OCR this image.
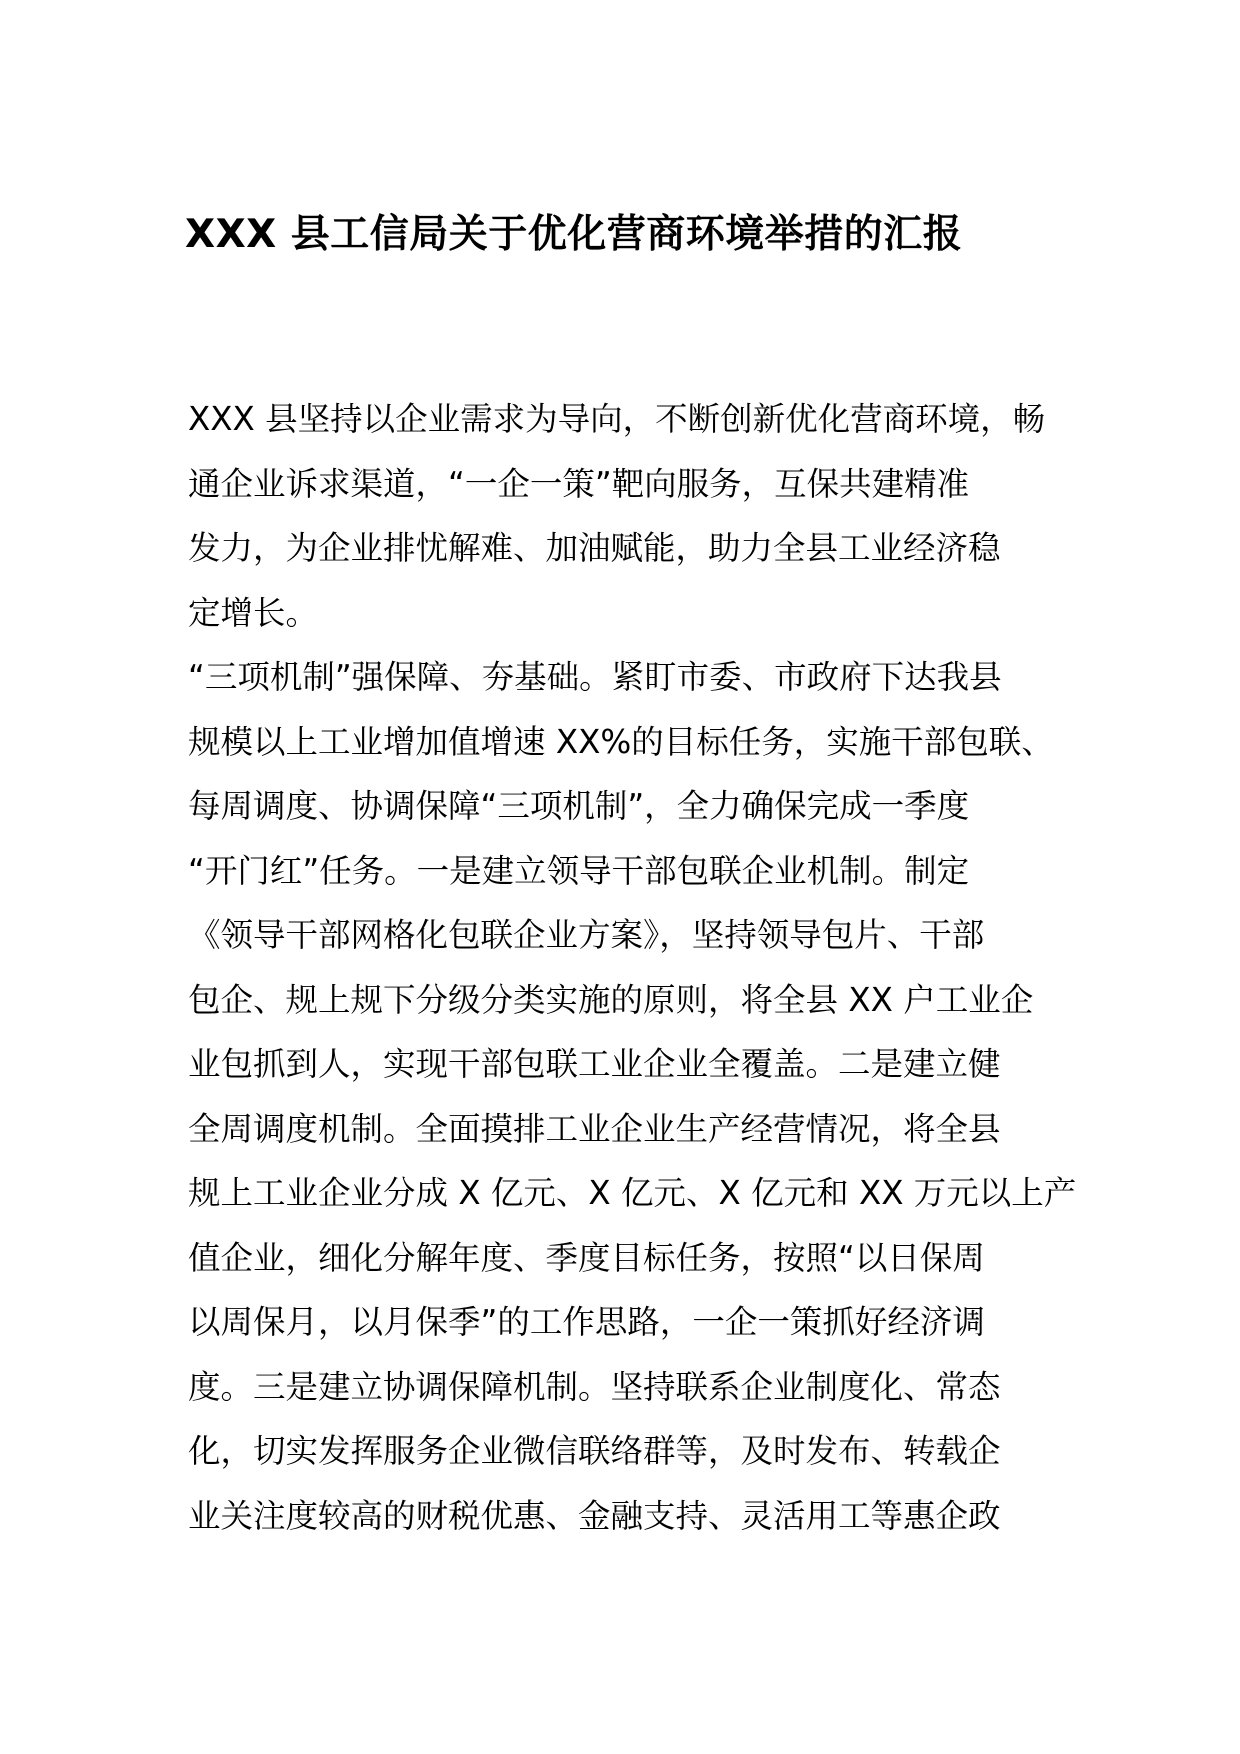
XXX 县工信局关于优化营商环境举措的汇报
XXX 县坚持以企业需求为导向，不断创新优化营商环境，畅
通企业诉求渠道，“一企一策”靶向服务，互保共建精准
发力，为企业排忧解难、加油赋能，助力全县工业经济稳
定增长。
“三项机制”强保障、夯基础。紧盯市委、市政府下达我县
规模以上工业增加值增速 XX%的目标任务，实施干部包联、
每周调度、协调保障“三项机制”，全力确保完成一季度
“开门红”任务。一是建立领导干部包联企业机制。制定
《领导干部网格化包联企业方案》，坚持领导包片、干部
包企、规上规下分级分类实施的原则，将全县 XX 户工业企
业包抓到人，实现干部包联工业企业全覆盖。二是建立健
全周调度机制。全面摸排工业企业生产经营情况，将全县
规上工业企业分成 X 亿元、X 亿元、X 亿元和 XX 万元以上产
值企业，细化分解年度、季度目标任务，按照“以日保周
以周保月，以月保季”的工作思路，一企一策抓好经济调
度。三是建立协调保障机制。坚持联系企业制度化、常态
化，切实发挥服务企业微信联络群等，及时发布、转载企
业关注度较高的财税优惠、金融支持、灵活用工等惠企政
